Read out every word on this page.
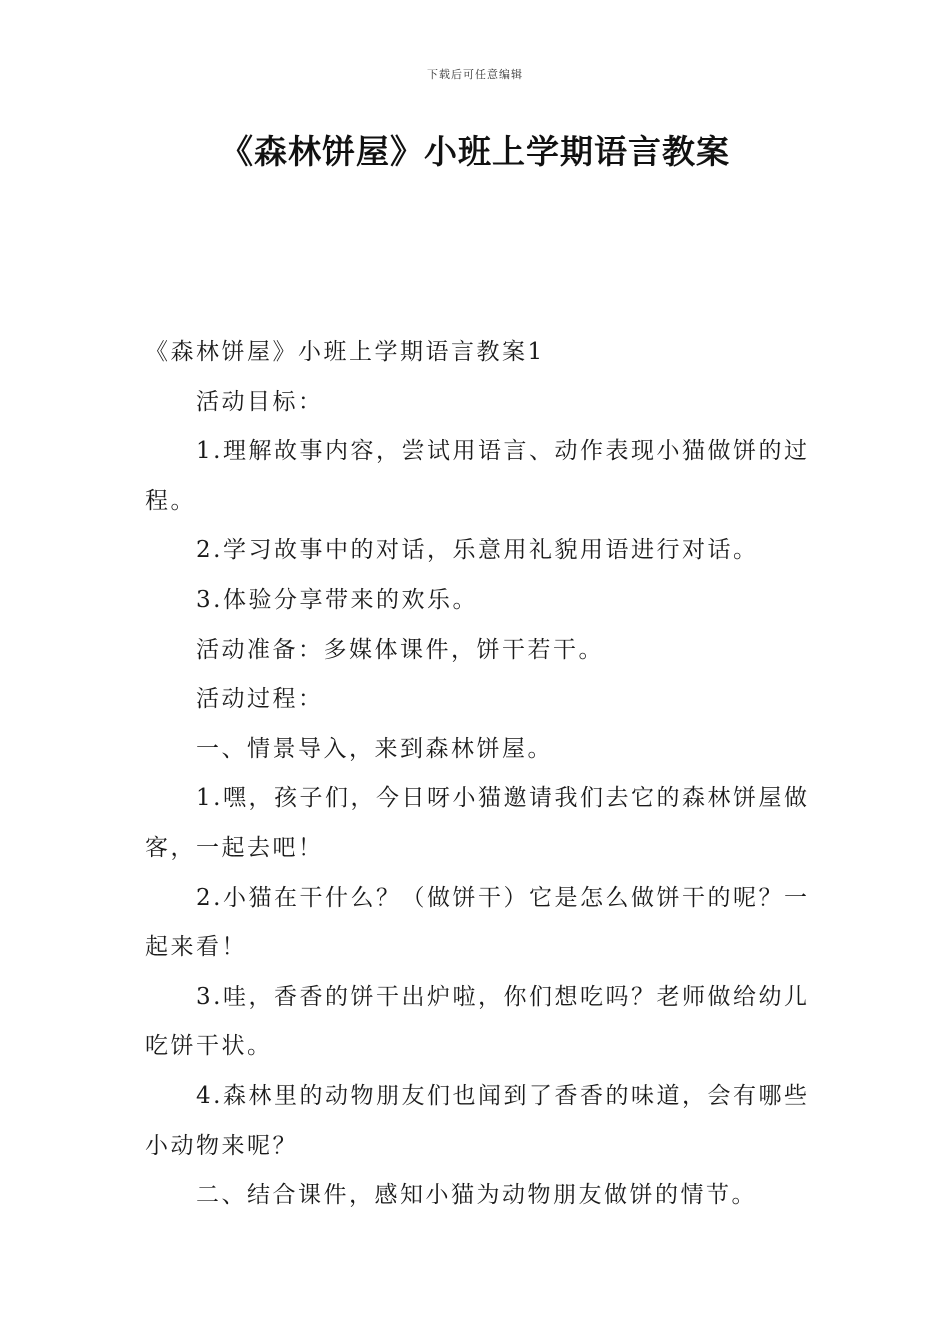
下载后可任意编辑
《森林饼屋》小班上学期语言教案

《森林饼屋》小班上学期语言教案1

活动目标：

1.理解故事内容，尝试用语言、动作表现小猫做饼的过程。

2.学习故事中的对话，乐意用礼貌用语进行对话。

3.体验分享带来的欢乐。

活动准备：多媒体课件，饼干若干。

活动过程：

一、情景导入，来到森林饼屋。

1.嘿，孩子们，今日呀小猫邀请我们去它的森林饼屋做客，一起去吧！

2.小猫在干什么？（做饼干）它是怎么做饼干的呢？一起来看！

3.哇，香香的饼干出炉啦，你们想吃吗？老师做给幼儿吃饼干状。

4.森林里的动物朋友们也闻到了香香的味道，会有哪些小动物来呢？

二、结合课件，感知小猫为动物朋友做饼的情节。
